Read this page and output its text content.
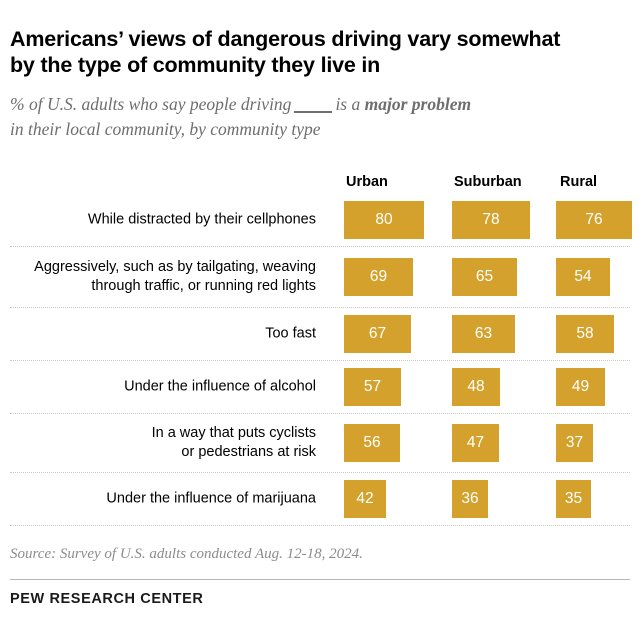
Americans’ views of dangerous driving vary somewhat
by the type of community they live in
% of U.S. adults who say people driving	is a major problem
in their local community, by community type
Urban	Suburban	Rural
While distracted by their cellphones	80	78	76
Aggressively, such as by tailgating, weaving
through traffic, or running red lights
69	65	54
Too fast	67	63	58
Under the influence of alcohol	57	48	49
In a way that puts cyclists
or pedestrians at risk
56	47	37
Under the influence of marijuana	42	36	35
Source: Survey of U.S. adults conducted Aug. 12-18, 2024.
PEW RESEARCH CENTER
